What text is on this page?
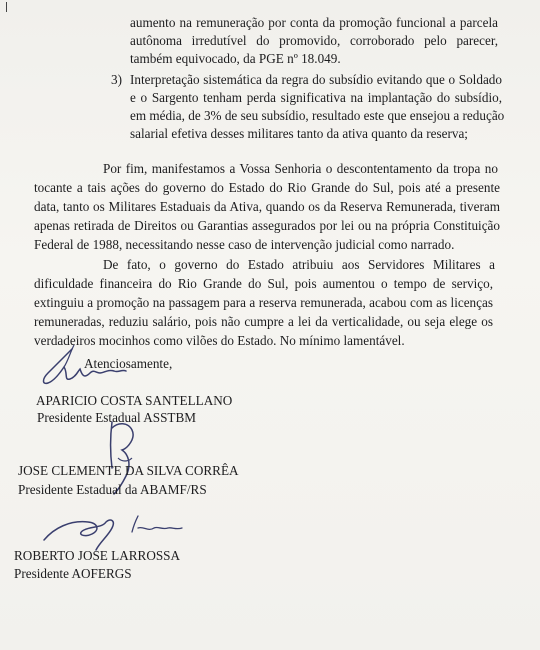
aumento na remuneração por conta da promoção funcional a parcela
autônoma irredutível do promovido, corroborado pelo parecer,
também equivocado, da PGE nº 18.049.
3) Interpretação sistemática da regra do subsídio evitando que o Soldado
e o Sargento tenham perda significativa na implantação do subsídio,
em média, de 3% de seu subsídio, resultado este que ensejou a redução
salarial efetiva desses militares tanto da ativa quanto da reserva;
Por fim, manifestamos a Vossa Senhoria o descontentamento da tropa no
tocante a tais ações do governo do Estado do Rio Grande do Sul, pois até a presente
data, tanto os Militares Estaduais da Ativa, quando os da Reserva Remunerada, tiveram
apenas retirada de Direitos ou Garantias assegurados por lei ou na própria Constituição
Federal de 1988, necessitando nesse caso de intervenção judicial como narrado.
De fato, o governo do Estado atribuiu aos Servidores Militares a
dificuldade financeira do Rio Grande do Sul, pois aumentou o tempo de serviço,
extinguiu a promoção na passagem para a reserva remunerada, acabou com as licenças
remuneradas, reduziu salário, pois não cumpre a lei da verticalidade, ou seja elege os
verdadeiros mocinhos como vilões do Estado. No mínimo lamentável.
Atenciosamente,
APARICIO COSTA SANTELLANO
Presidente Estadual ASSTBM
JOSE CLEMENTE DA SILVA CORRÊA
Presidente Estadual da ABAMF/RS
ROBERTO JOSE LARROSSA
Presidente AOFERGS
